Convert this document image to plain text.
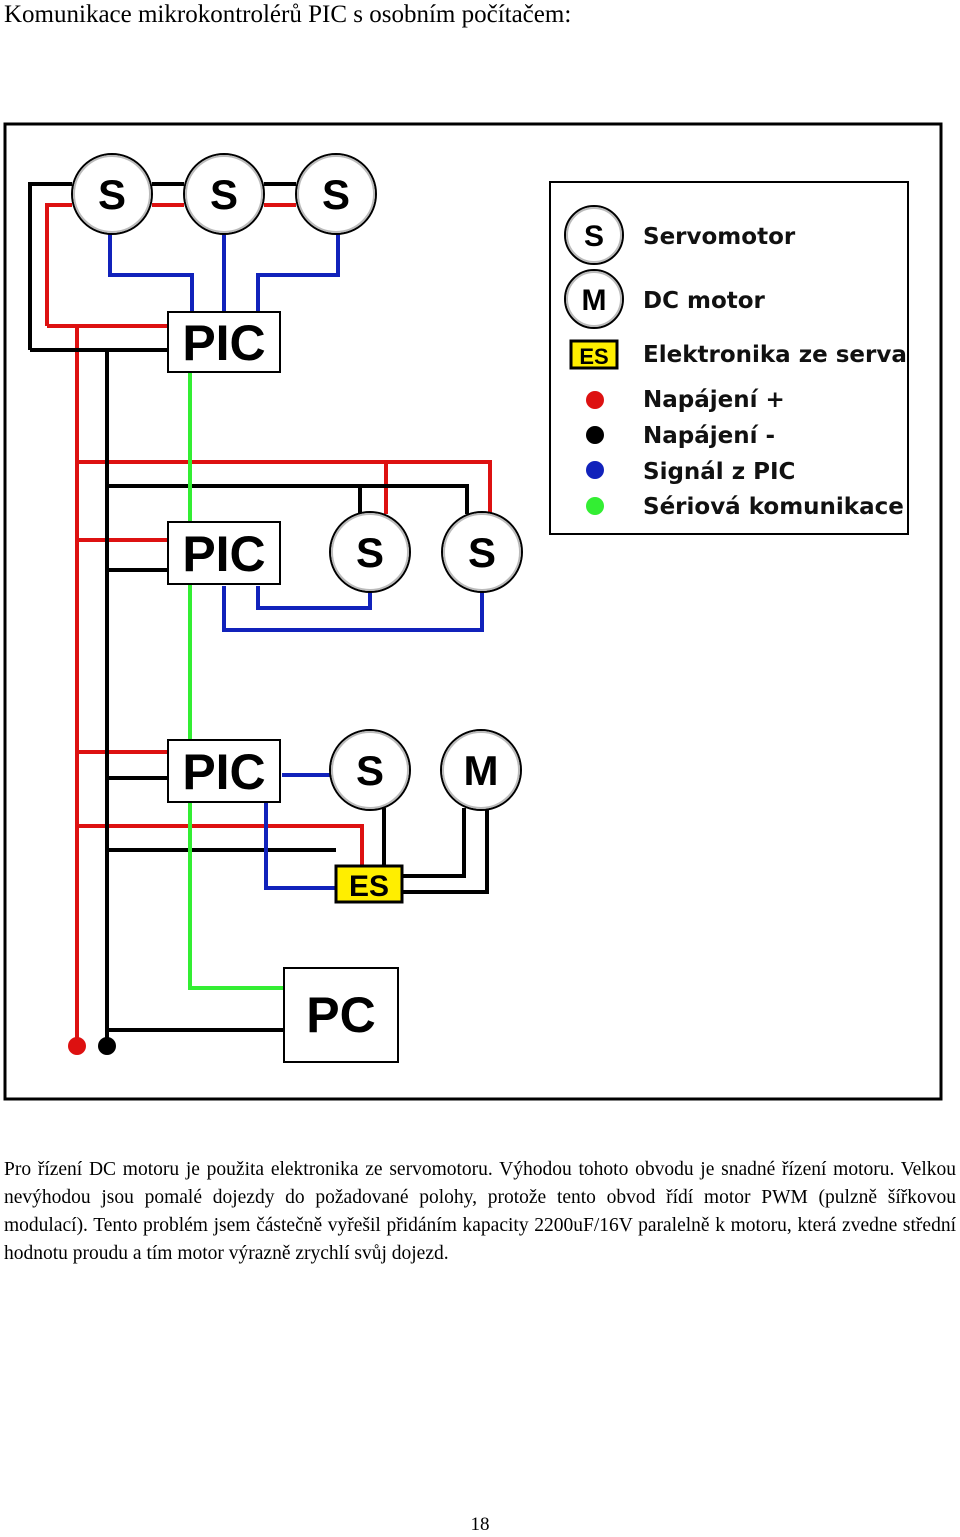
Komunikace mikrokontrolérů PIC s osobním počítačem:
S S S
PIC
PIC S S
PIC S M
ES
PC
S Servomotor
M DC motor
ES Elektronika ze serva
Napájení +
Napájení -
Signál z PIC
Sériová komunikace
Pro řízení DC motoru je použita elektronika ze servomotoru. Výhodou tohoto obvodu je snadné řízení motoru. Velkou nevýhodou jsou pomalé dojezdy do požadované polohy, protože tento obvod řídí motor PWM (pulzně šířkovou modulací). Tento problém jsem částečně vyřešil přidáním kapacity 2200uF/16V paralelně k motoru, která zvedne střední hodnotu proudu a tím motor výrazně zrychlí svůj dojezd.
18
